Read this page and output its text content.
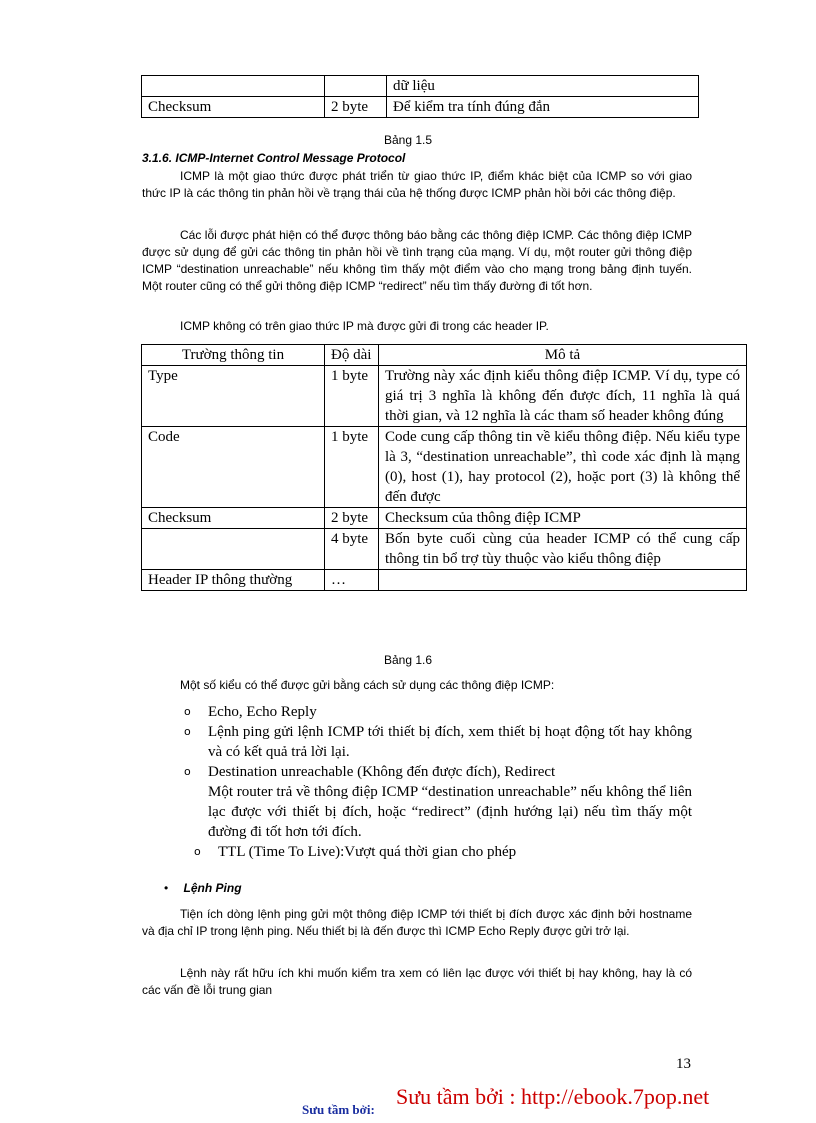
		dữ liệu
Checksum	2 byte	Để kiểm tra tính đúng đắn
Bảng 1.5
3.1.6. ICMP-Internet Control Message Protocol

ICMP là một giao thức được phát triển từ giao thức IP, điểm khác biệt của ICMP so với giao thức IP là các thông tin phản hồi về trạng thái của hệ thống được ICMP phản hồi bởi các thông điệp.

Các lỗi được phát hiện có thể được thông báo bằng các thông điệp ICMP. Các thông điệp ICMP được sử dụng để gửi các thông tin phản hồi về tình trạng của mạng. Ví dụ, một router gửi thông điệp ICMP “destination unreachable” nếu không tìm thấy một điểm vào cho mạng trong bảng định tuyến. Một router cũng có thể gửi thông điệp ICMP “redirect” nếu tìm thấy đường đi tốt hơn.

ICMP không có trên giao thức IP mà được gửi đi trong các header IP.

Trường thông tin	Độ dài	Mô tả
Type	1 byte	Trường này xác định kiểu thông điệp ICMP. Ví dụ, type có giá trị 3 nghĩa là không đến được đích, 11 nghĩa là quá thời gian, và 12 nghĩa là các tham số header không đúng
Code	1 byte	Code cung cấp thông tin về kiểu thông điệp. Nếu kiểu type là 3, “destination unreachable”, thì code xác định là mạng (0), host (1), hay protocol (2), hoặc port (3) là không thể đến được
Checksum	2 byte	Checksum của thông điệp ICMP
	4 byte	Bốn byte cuối cùng của header ICMP có thể cung cấp thông tin bổ trợ tùy thuộc vào kiểu thông điệp
Header IP thông thường	…	
Bảng 1.6

Một số kiểu có thể được gửi bằng cách sử dụng các thông điệp ICMP:

o Echo, Echo Reply
o Lệnh ping gửi lệnh ICMP tới thiết bị đích, xem thiết bị hoạt động tốt hay không và có kết quả trả lời lại.
o Destination unreachable (Không đến được đích), Redirect
Một router trả về thông điệp ICMP “destination unreachable” nếu không thể liên lạc được với thiết bị đích, hoặc “redirect” (định hướng lại) nếu tìm thấy một đường đi tốt hơn tới đích.
o TTL (Time To Live):Vượt quá thời gian cho phép
• Lệnh Ping

Tiện ích dòng lệnh ping gửi một thông điệp ICMP tới thiết bị đích được xác định bởi hostname và địa chỉ IP trong lệnh ping. Nếu thiết bị là đến được thì ICMP Echo Reply được gửi trở lại.

Lệnh này rất hữu ích khi muốn kiểm tra xem có liên lạc được với thiết bị hay không, hay là có các vấn đề lỗi trung gian

13
Sưu tầm bởi:
Sưu tầm bởi : http://ebook.7pop.net
